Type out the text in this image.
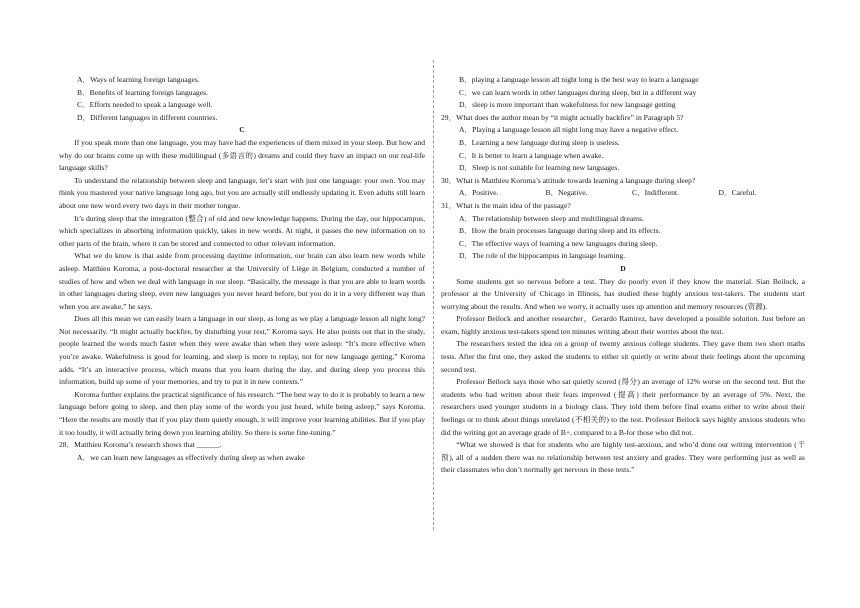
A．Ways of learning foreign languages.

B．Benefits of learning foreign languages.

C．Efforts needed to speak a language well.

D．Different languages in different countries.

C

If you speak more than one language, you may have had the experiences of them mixed in your sleep. But how and why do our brains come up with these multilingual (多语言的) dreams and could they have an impact on our real-life language skills?

To understand the relationship between sleep and language, let’s start with just one language: your own. You may think you mastered your native language long ago, but you are actually still endlessly updating it. Even adults still learn about one new word every two days in their mother tongue.

It’s during sleep that the integration (整合) of old and new knowledge happens. During the day, our hippocampus, which specializes in absorbing information quickly, takes in new words. At night, it passes the new information on to other parts of the brain, where it can be stored and connected to other relevant information.

What we do know is that aside from processing daytime information, our brain can also learn new words while asleep. Matthieu Koroma, a post-doctoral researcher at the University of Liège in Belgium, conducted a number of studies of how and when we deal with language in our sleep. “Basically, the message is that you are able to learn words in other languages during sleep, even new languages you never heard before, but you do it in a very different way than when you are awake,” he says.

Does all this mean we can easily learn a language in our sleep, as long as we play a language lesson all night long? Not necessarily. “It might actually backfire, by disturbing your rest,” Koroma says. He also points out that in the study, people learned the words much faster when they were awake than when they were asleep: “It’s more effective when you’re awake. Wakefulness is good for learning, and sleep is more to replay, not for new language getting,” Koroma adds. “It’s an interactive process, which means that you learn during the day, and during sleep you process this information, build up some of your memories, and try to put it in new contexts.”

Koroma further explains the practical significance of his research. “The best way to do it is probably to learn a new language before going to sleep, and then play some of the words you just heard, while being asleep,” says Koroma. “Here the results are mostly that if you play them quietly enough, it will improve your learning abilities. But if you play it too loudly, it will actually bring down you learning ability. So there is some fine-tuning.”

28．Matthieu Koroma’s research shows that ______.

A．we can learn new languages as effectively during sleep as when awake

B．playing a language lesson all night long is the best way to learn a language

C．we can learn words in other languages during sleep, but in a different way

D．sleep is more important than wakefulness for new language getting

29．What does the author mean by “it might actually backfire” in Paragraph 5?

A．Playing a language lesson all night long may have a negative effect.

B．Learning a new language during sleep is useless.

C．It is better to learn a language when awake.

D．Sleep is not suitable for learning new languages.

30．What is Matthieu Koroma’s attitude towards learning a language during sleep?

A．Positive.	B．Negative.	C．Indifferent.	D．Careful.

31．What is the main idea of the passage?

A．The relationship between sleep and multilingual dreams.

B．How the brain processes language during sleep and its effects.

C．The effective ways of learning a new languages during sleep.

D．The role of the hippocampus in language learning.

D

Some students get so nervous before a test. They do poorly even if they know the material. Sian Beilock, a professor at the University of Chicago in Illinois, has studied these highly anxious test-takers. The students start worrying about the results. And when we worry, it actually uses up attention and memory resources (资源).

Professor Beilock and another researcher，Gerardo Ramirez, have developed a possible solution. Just before an exam, highly anxious test-takers spend ten minutes writing about their worries about the test.

The researchers tested the idea on a group of twenty anxious college students. They gave them two short maths tests. After the first one, they asked the students to either sit quietly or write about their feelings about the upcoming second test.

Professor Beilock says those who sat quietly scored (得分) an average of 12% worse on the second test. But the students who had written about their fears improved (提高) their performance by an average of 5%. Next, the researchers used younger students in a biology class. They told them before final exams either to write about their feelings or to think about things unrelated (不相关的) to the test. Professor Beilock says highly anxious students who did the writing got an average grade of B+, compared to a B-for those who did not.

“What we showed is that for students who are highly test-anxious, and who’d done our writing intervention (干预), all of a sudden there was no relationship between test anxiety and grades. They were performing just as well as their classmates who don’t normally get nervous in these tests.”
